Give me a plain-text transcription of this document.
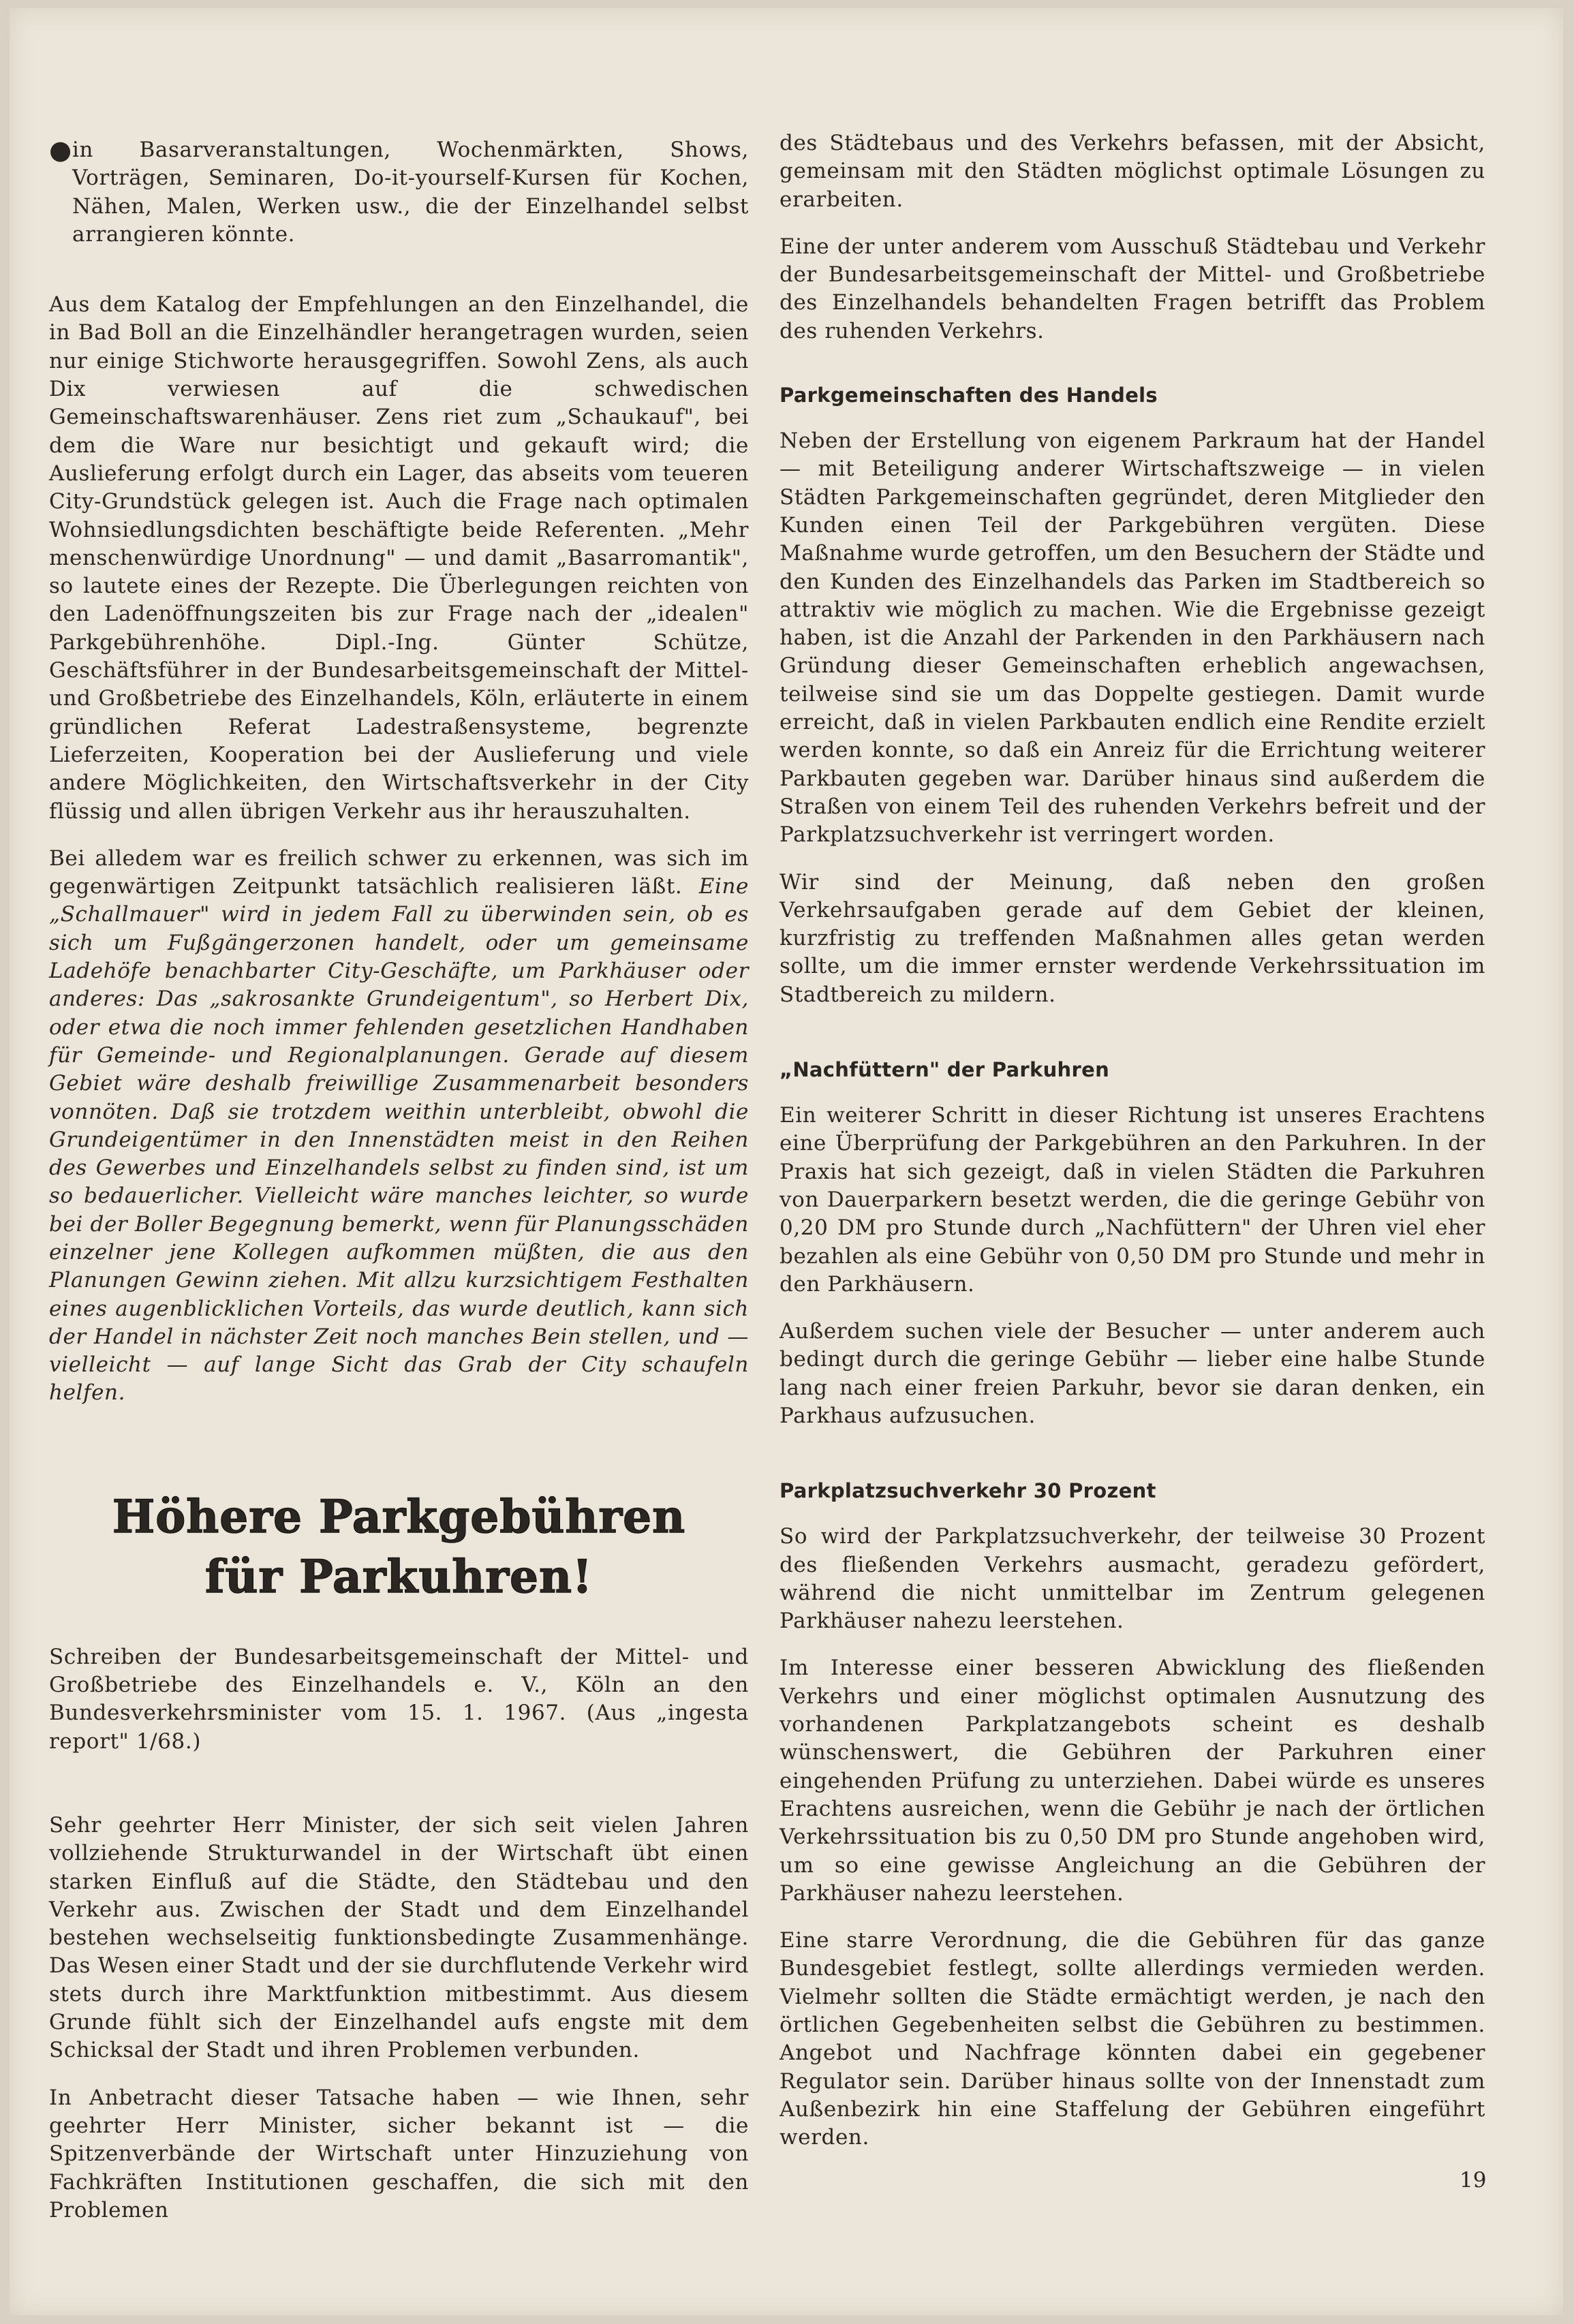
● in Basarveranstaltungen, Wochenmärkten, Shows, Vorträgen, Seminaren, Do-it-yourself-Kursen für Kochen, Nähen, Malen, Werken usw., die der Einzelhandel selbst arrangieren könnte.

Aus dem Katalog der Empfehlungen an den Einzelhandel, die in Bad Boll an die Einzelhändler herangetragen wurden, seien nur einige Stichworte herausgegriffen. Sowohl Zens, als auch Dix verwiesen auf die schwedischen Gemeinschaftswarenhäuser. Zens riet zum „Schaukauf", bei dem die Ware nur besichtigt und gekauft wird; die Auslieferung erfolgt durch ein Lager, das abseits vom teueren City-Grundstück gelegen ist. Auch die Frage nach optimalen Wohnsiedlungsdichten beschäftigte beide Referenten. „Mehr menschenwürdige Unordnung" — und damit „Basarromantik", so lautete eines der Rezepte. Die Überlegungen reichten von den Ladenöffnungszeiten bis zur Frage nach der „idealen" Parkgebührenhöhe. Dipl.-Ing. Günter Schütze, Geschäftsführer in der Bundesarbeitsgemeinschaft der Mittel- und Großbetriebe des Einzelhandels, Köln, erläuterte in einem gründlichen Referat Ladestraßensysteme, begrenzte Lieferzeiten, Kooperation bei der Auslieferung und viele andere Möglichkeiten, den Wirtschaftsverkehr in der City flüssig und allen übrigen Verkehr aus ihr herauszuhalten.

Bei alledem war es freilich schwer zu erkennen, was sich im gegenwärtigen Zeitpunkt tatsächlich realisieren läßt. Eine „Schallmauer" wird in jedem Fall zu überwinden sein, ob es sich um Fußgängerzonen handelt, oder um gemeinsame Ladehöfe benachbarter City-Geschäfte, um Parkhäuser oder anderes: Das „sakrosankte Grundeigentum", so Herbert Dix, oder etwa die noch immer fehlenden gesetzlichen Handhaben für Gemeinde- und Regionalplanungen. Gerade auf diesem Gebiet wäre deshalb freiwillige Zusammenarbeit besonders vonnöten. Daß sie trotzdem weithin unterbleibt, obwohl die Grundeigentümer in den Innenstädten meist in den Reihen des Gewerbes und Einzelhandels selbst zu finden sind, ist um so bedauerlicher. Vielleicht wäre manches leichter, so wurde bei der Boller Begegnung bemerkt, wenn für Planungsschäden einzelner jene Kollegen aufkommen müßten, die aus den Planungen Gewinn ziehen. Mit allzu kurzsichtigem Festhalten eines augenblicklichen Vorteils, das wurde deutlich, kann sich der Handel in nächster Zeit noch manches Bein stellen, und — vielleicht — auf lange Sicht das Grab der City schaufeln helfen.

Höhere Parkgebühren
für Parkuhren!

Schreiben der Bundesarbeitsgemeinschaft der Mittel- und Großbetriebe des Einzelhandels e. V., Köln an den Bundesverkehrsminister vom 15. 1. 1967. (Aus „ingesta report" 1/68.)

Sehr geehrter Herr Minister, der sich seit vielen Jahren vollziehende Strukturwandel in der Wirtschaft übt einen starken Einfluß auf die Städte, den Städtebau und den Verkehr aus. Zwischen der Stadt und dem Einzelhandel bestehen wechselseitig funktionsbedingte Zusammenhänge. Das Wesen einer Stadt und der sie durchflutende Verkehr wird stets durch ihre Marktfunktion mitbestimmt. Aus diesem Grunde fühlt sich der Einzelhandel aufs engste mit dem Schicksal der Stadt und ihren Problemen verbunden.

In Anbetracht dieser Tatsache haben — wie Ihnen, sehr geehrter Herr Minister, sicher bekannt ist — die Spitzenverbände der Wirtschaft unter Hinzuziehung von Fachkräften Institutionen geschaffen, die sich mit den Problemen

des Städtebaus und des Verkehrs befassen, mit der Absicht, gemeinsam mit den Städten möglichst optimale Lösungen zu erarbeiten.

Eine der unter anderem vom Ausschuß Städtebau und Verkehr der Bundesarbeitsgemeinschaft der Mittel- und Großbetriebe des Einzelhandels behandelten Fragen betrifft das Problem des ruhenden Verkehrs.

Parkgemeinschaften des Handels

Neben der Erstellung von eigenem Parkraum hat der Handel — mit Beteiligung anderer Wirtschaftszweige — in vielen Städten Parkgemeinschaften gegründet, deren Mitglieder den Kunden einen Teil der Parkgebühren vergüten. Diese Maßnahme wurde getroffen, um den Besuchern der Städte und den Kunden des Einzelhandels das Parken im Stadtbereich so attraktiv wie möglich zu machen. Wie die Ergebnisse gezeigt haben, ist die Anzahl der Parkenden in den Parkhäusern nach Gründung dieser Gemeinschaften erheblich angewachsen, teilweise sind sie um das Doppelte gestiegen. Damit wurde erreicht, daß in vielen Parkbauten endlich eine Rendite erzielt werden konnte, so daß ein Anreiz für die Errichtung weiterer Parkbauten gegeben war. Darüber hinaus sind außerdem die Straßen von einem Teil des ruhenden Verkehrs befreit und der Parkplatzsuchverkehr ist verringert worden.

Wir sind der Meinung, daß neben den großen Verkehrsaufgaben gerade auf dem Gebiet der kleinen, kurzfristig zu treffenden Maßnahmen alles getan werden sollte, um die immer ernster werdende Verkehrssituation im Stadtbereich zu mildern.

„Nachfüttern" der Parkuhren

Ein weiterer Schritt in dieser Richtung ist unseres Erachtens eine Überprüfung der Parkgebühren an den Parkuhren. In der Praxis hat sich gezeigt, daß in vielen Städten die Parkuhren von Dauerparkern besetzt werden, die die geringe Gebühr von 0,20 DM pro Stunde durch „Nachfüttern" der Uhren viel eher bezahlen als eine Gebühr von 0,50 DM pro Stunde und mehr in den Parkhäusern.

Außerdem suchen viele der Besucher — unter anderem auch bedingt durch die geringe Gebühr — lieber eine halbe Stunde lang nach einer freien Parkuhr, bevor sie daran denken, ein Parkhaus aufzusuchen.

Parkplatzsuchverkehr 30 Prozent

So wird der Parkplatzsuchverkehr, der teilweise 30 Prozent des fließenden Verkehrs ausmacht, geradezu gefördert, während die nicht unmittelbar im Zentrum gelegenen Parkhäuser nahezu leerstehen.

Im Interesse einer besseren Abwicklung des fließenden Verkehrs und einer möglichst optimalen Ausnutzung des vorhandenen Parkplatzangebots scheint es deshalb wünschenswert, die Gebühren der Parkuhren einer eingehenden Prüfung zu unterziehen. Dabei würde es unseres Erachtens ausreichen, wenn die Gebühr je nach der örtlichen Verkehrssituation bis zu 0,50 DM pro Stunde angehoben wird, um so eine gewisse Angleichung an die Gebühren der Parkhäuser nahezu leerstehen.

Eine starre Verordnung, die die Gebühren für das ganze Bundesgebiet festlegt, sollte allerdings vermieden werden. Vielmehr sollten die Städte ermächtigt werden, je nach den örtlichen Gegebenheiten selbst die Gebühren zu bestimmen. Angebot und Nachfrage könnten dabei ein gegebener Regulator sein. Darüber hinaus sollte von der Innenstadt zum Außenbezirk hin eine Staffelung der Gebühren eingeführt werden.

19
